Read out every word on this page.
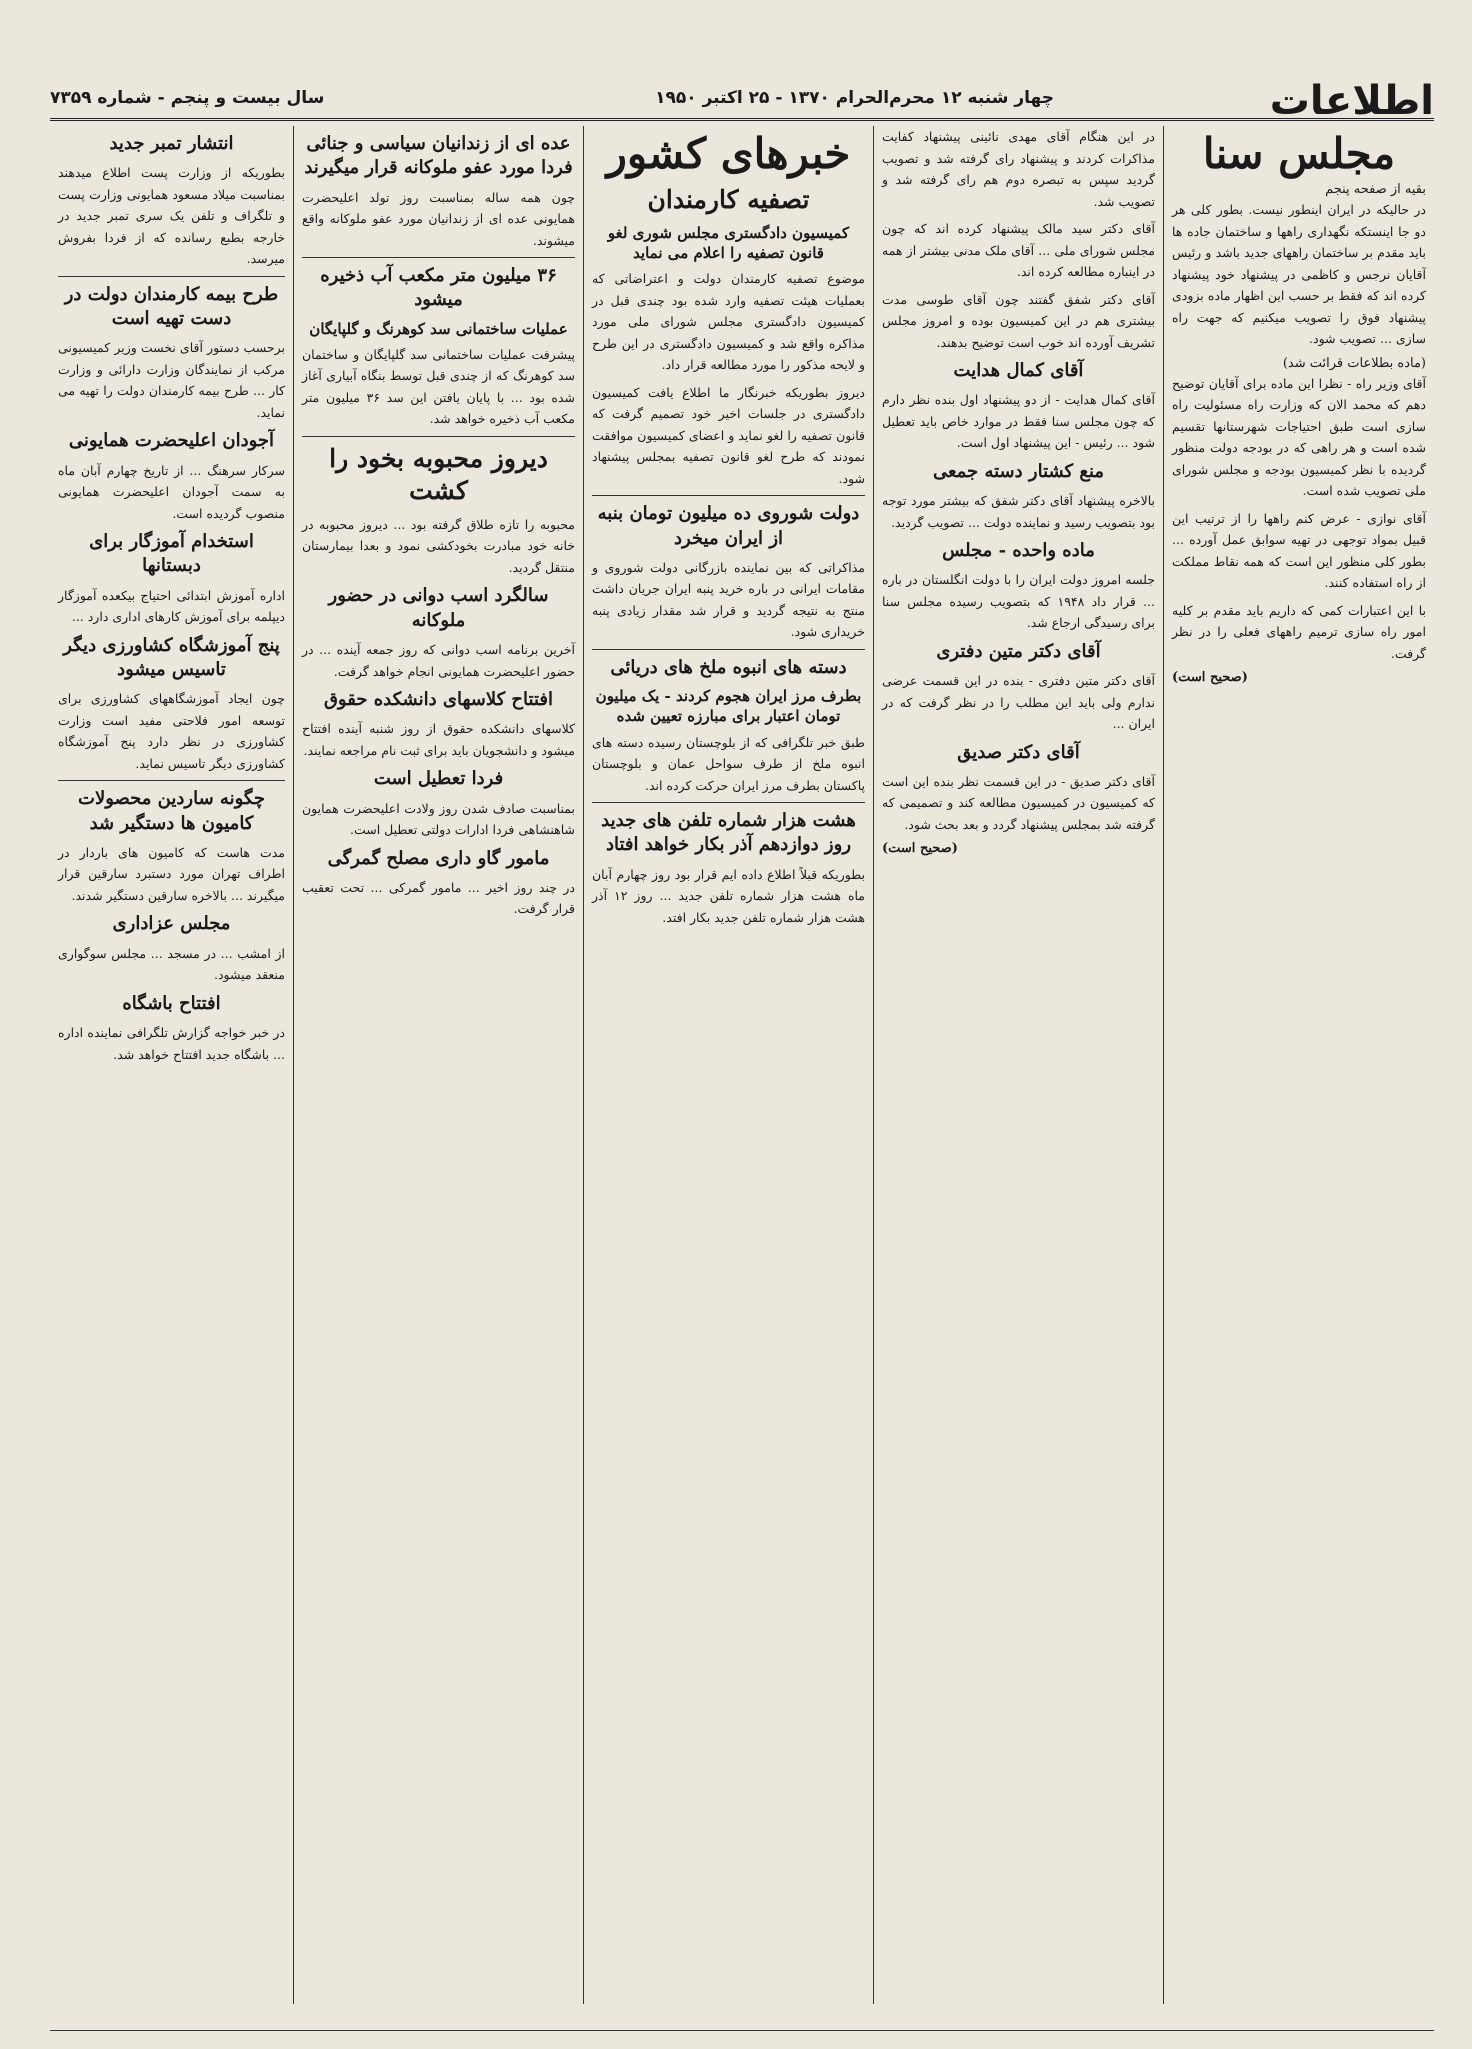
اطلاعات
چهار شنبه ۱۲ محرم‌الحرام ۱۳۷۰ - ۲۵ اکتبر ۱۹۵۰
سال بیست و پنجم - شماره ۷۳۵۹
مجلس سنا
بقیه از صفحه پنجم

در حالیکه در ایران اینطور نیست. بطور کلی هر دو جا اینستکه نگهداری راهها و ساختمان جاده ها باید مقدم بر ساختمان راههای جدید باشد و رئیس آقایان نرجس و کاظمی در پیشنهاد خود پیشنهاد کرده اند که فقط بر حسب این اظهار ماده بزودی پیشنهاد فوق را تصویب میکنیم که جهت راه سازی ... تصویب شود.

(ماده بطلاعات قرائت شد)

آقای وزیر راه - نظرا این ماده برای آقایان توضیح دهم که محمد الان که وزارت راه مسئولیت راه سازی است طبق احتیاجات شهرستانها تقسیم شده است و هر راهی که در بودجه دولت منظور گردیده با نظر کمیسیون بودجه و مجلس شورای ملی تصویب شده است.

آقای نوازی - عرض کنم راهها را از ترتیب این قبیل بمواد توجهی در تهیه سوابق عمل آورده ... بطور کلی منظور این است که همه نقاط مملکت از راه استفاده کنند.

با این اعتبارات کمی که داریم باید مقدم بر کلیه امور راه سازی ترمیم راههای فعلی را در نظر گرفت.

(صحیح است)

در این هنگام آقای مهدی نائینی پیشنهاد کفایت مذاکرات کردند و پیشنهاد رای گرفته شد و تصویب گردید سپس به تبصره دوم هم رای گرفته شد و تصویب شد.

آقای دکتر سید مالک پیشنهاد کرده اند که چون مجلس شورای ملی ... آقای ملک مدنی بیشتر از همه در اینباره مطالعه کرده اند.

آقای دکتر شفق گفتند چون آقای طوسی مدت بیشتری هم در این کمیسیون بوده و امروز مجلس تشریف آورده اند خوب است توضیح بدهند.

آقای کمال هدایت

آقای کمال هدایت - از دو پیشنهاد اول بنده نظر دارم که چون مجلس سنا فقط در موارد خاص باید تعطیل شود ... رئیس - این پیشنهاد اول است.

منع کشتار دسته جمعی

بالاخره پیشنهاد آقای دکتر شفق که بیشتر مورد توجه بود بتصویب رسید و نماینده دولت ... تصویب گردید.

ماده واحده - مجلس

جلسه امروز دولت ایران را با دولت انگلستان در باره ... قرار داد ۱۹۴۸ که بتصویب رسیده مجلس سنا برای رسیدگی ارجاع شد.

آقای دکتر متین دفتری

آقای دکتر متین دفتری - بنده در این قسمت عرضی ندارم ولی باید این مطلب را در نظر گرفت که در ایران ...

آقای دکتر صدیق

آقای دکتر صدیق - در این قسمت نظر بنده این است که کمیسیون در کمیسیون مطالعه کند و تصمیمی که گرفته شد بمجلس پیشنهاد گردد و بعد بحث شود.

(صحیح است)
خبرهای کشور
تصفیه کارمندان
کمیسیون دادگستری مجلس شوری لغو قانون تصفیه را اعلام می نماید

موضوع تصفیه کارمندان دولت و اعتراضاتی که بعملیات هیئت تصفیه وارد شده بود چندی قبل در کمیسیون دادگستری مجلس شورای ملی مورد مذاکره واقع شد و کمیسیون دادگستری در این طرح و لایحه مذکور را مورد مطالعه قرار داد.

دیروز بطوریکه خبرنگار ما اطلاع یافت کمیسیون دادگستری در جلسات اخیر خود تصمیم گرفت که قانون تصفیه را لغو نماید و اعضای کمیسیون موافقت نمودند که طرح لغو قانون تصفیه بمجلس پیشنهاد شود.

دولت شوروی ده میلیون تومان بنبه از ایران میخرد

مذاکراتی که بین نماینده بازرگانی دولت شوروی و مقامات ایرانی در باره خرید پنبه ایران جریان داشت منتج به نتیجه گردید و قرار شد مقدار زیادی پنبه خریداری شود.

دسته های انبوه ملخ های دریائی
بطرف مرز ایران هجوم کردند - یک میلیون تومان اعتبار برای مبارزه تعیین شده

طبق خبر تلگرافی که از بلوچستان رسیده دسته های انبوه ملخ از طرف سواحل عمان و بلوچستان پاکستان بطرف مرز ایران حرکت کرده اند.

هشت هزار شماره تلفن های جدید روز دوازدهم آذر بکار خواهد افتاد

بطوریکه قبلاً اطلاع داده ایم قرار بود روز چهارم آبان ماه هشت هزار شماره تلفن جدید ... روز ۱۲ آذر هشت هزار شماره تلفن جدید بکار افتد.

عده ای از زندانیان سیاسی و جنائی فردا مورد عفو ملوکانه قرار میگیرند

چون همه ساله بمناسبت روز تولد اعلیحضرت همایونی عده ای از زندانیان مورد عفو ملوکانه واقع میشوند.

۳۶ میلیون متر مکعب آب ذخیره میشود
عملیات ساختمانی سد کوهرنگ و گلپایگان

پیشرفت عملیات ساختمانی سد گلپایگان و ساختمان سد کوهرنگ که از چندی قبل توسط بنگاه آبیاری آغاز شده بود ... با پایان یافتن این سد ۳۶ میلیون متر مکعب آب ذخیره خواهد شد.

دیروز محبوبه بخود را کشت

محبوبه را تازه طلاق گرفته بود ... دیروز محبوبه در خانه خود مبادرت بخودکشی نمود و بعدا بیمارستان منتقل گردید.

سالگرد اسب دوانی در حضور ملوکانه

آخرین برنامه اسب دوانی که روز جمعه آینده ... در حضور اعلیحضرت همایونی انجام خواهد گرفت.

افتتاح کلاسهای دانشکده حقوق

کلاسهای دانشکده حقوق از روز شنبه آینده افتتاح میشود و دانشجویان باید برای ثبت نام مراجعه نمایند.

فردا تعطیل است

بمناسبت صادف شدن روز ولادت اعلیحضرت همایون شاهنشاهی فردا ادارات دولتی تعطیل است.

مامور گاو داری مصلح گمرگی

در چند روز اخیر ... مامور گمرکی ... تحت تعقیب قرار گرفت.

انتشار تمبر جدید

بطوریکه از وزارت پست اطلاع میدهند بمناسبت میلاد مسعود همایونی وزارت پست و تلگراف و تلفن یک سری تمبر جدید در خارجه بطبع رسانده که از فردا بفروش میرسد.

طرح بیمه کارمندان دولت در دست تهیه است

برحسب دستور آقای نخست وزیر کمیسیونی مرکب از نمایندگان وزارت دارائی و وزارت کار ... طرح بیمه کارمندان دولت را تهیه می نماید.

آجودان اعلیحضرت همایونی

سرکار سرهنگ ... از تاریخ چهارم آبان ماه به سمت آجودان اعلیحضرت همایونی منصوب گردیده است.

استخدام آموزگار برای دبستانها

اداره آموزش ابتدائی احتیاج بیکعده آموزگار دیپلمه برای آموزش کارهای اداری دارد ...

پنج آموزشگاه کشاورزی دیگر تاسیس میشود

چون ایجاد آموزشگاههای کشاورزی برای توسعه امور فلاحتی مفید است وزارت کشاورزی در نظر دارد پنج آموزشگاه کشاورزی دیگر تاسیس نماید.

چگونه ساردین محصولات کامیون ها دستگیر شد

مدت هاست که کامیون های باردار در اطراف تهران مورد دستبرد سارقین قرار میگیرند ... بالاخره سارقین دستگیر شدند.

مجلس عزاداری

از امشب ... در مسجد ... مجلس سوگواری منعقد میشود.

افتتاح باشگاه

در خبر خواجه گزارش تلگرافی نماینده اداره ... باشگاه جدید افتتاح خواهد شد.
